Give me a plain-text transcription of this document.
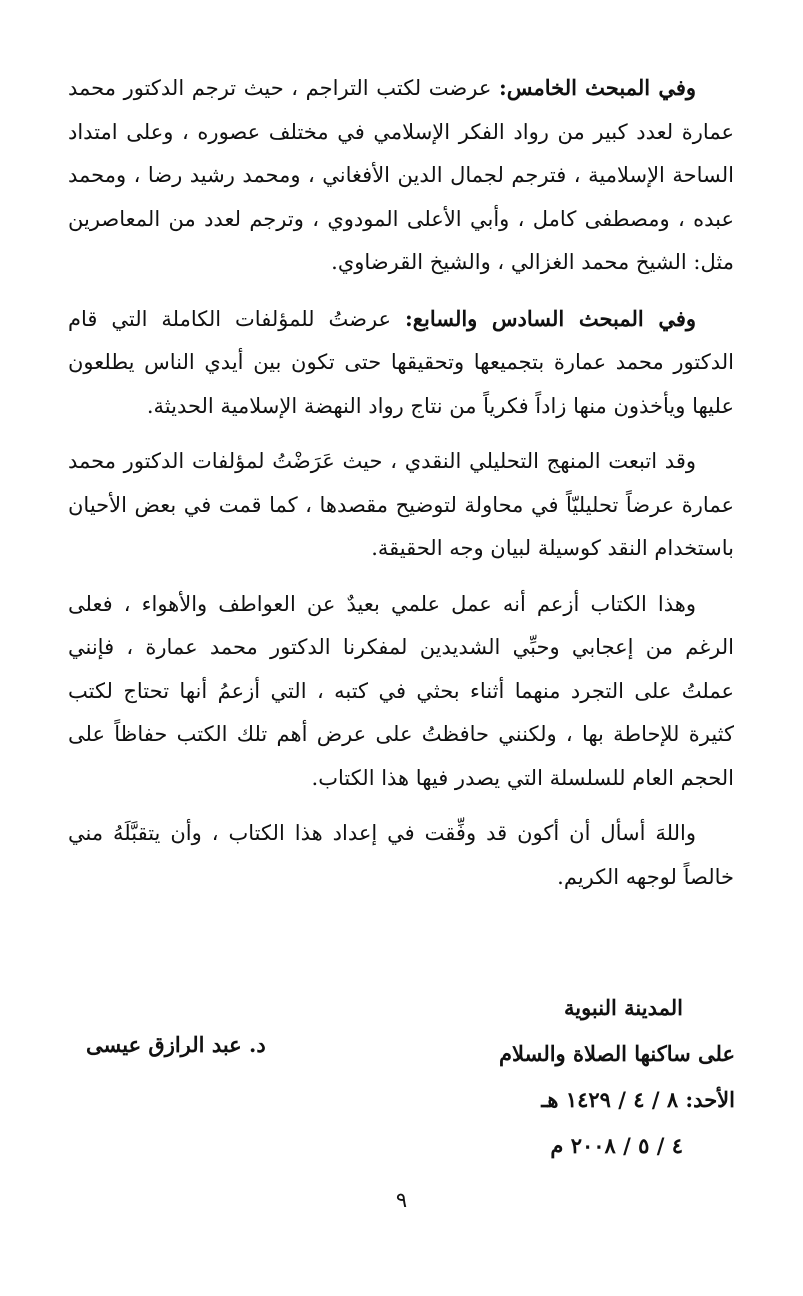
وفي المبحث الخامس: عرضت لكتب التراجم ، حيث ترجم الدكتور محمد عمارة لعدد كبير من رواد الفكر الإسلامي في مختلف عصوره ، وعلى امتداد الساحة الإسلامية ، فترجم لجمال الدين الأفغاني ، ومحمد رشيد رضا ، ومحمد عبده ، ومصطفى كامل ، وأبي الأعلى المودوي ، وترجم لعدد من المعاصرين مثل: الشيخ محمد الغزالي ، والشيخ القرضاوي.

وفي المبحث السادس والسابع: عرضتُ للمؤلفات الكاملة التي قام الدكتور محمد عمارة بتجميعها وتحقيقها حتى تكون بين أيدي الناس يطلعون عليها ويأخذون منها زاداً فكرياً من نتاج رواد النهضة الإسلامية الحديثة.

وقد اتبعت المنهج التحليلي النقدي ، حيث عَرَضْتُ لمؤلفات الدكتور محمد عمارة عرضاً تحليليّاً في محاولة لتوضيح مقصدها ، كما قمت في بعض الأحيان باستخدام النقد كوسيلة لبيان وجه الحقيقة.

وهذا الكتاب أزعم أنه عمل علمي بعيدٌ عن العواطف والأهواء ، فعلى الرغم من إعجابي وحبِّي الشديدين لمفكرنا الدكتور محمد عمارة ، فإنني عملتُ على التجرد منهما أثناء بحثي في كتبه ، التي أزعمُ أنها تحتاج لكتب كثيرة للإحاطة بها ، ولكنني حافظتُ على عرض أهم تلك الكتب حفاظاً على الحجم العام للسلسلة التي يصدر فيها هذا الكتاب.

واللهَ أسأل أن أكون قد وفِّقت في إعداد هذا الكتاب ، وأن يتقبَّلَهُ مني خالصاً لوجهه الكريم.

المدينة النبوية
على ساكنها الصلاة والسلام
الأحد: ٨ / ٤ / ١٤٢٩ هـ
٤ / ٥ / ٢٠٠٨ م
د. عبد الرازق عيسى
٩
